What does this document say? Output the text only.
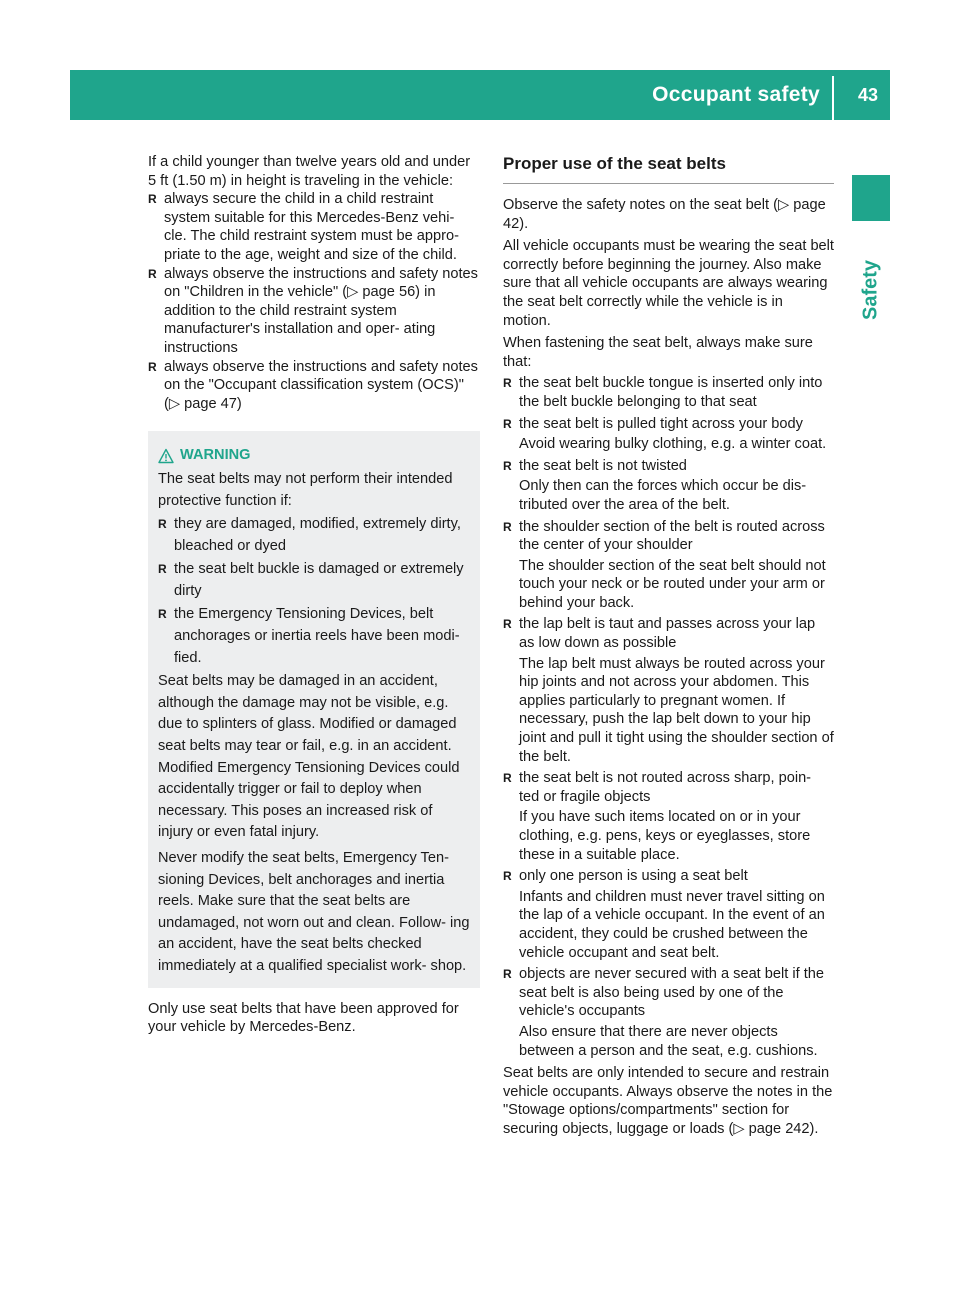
Occupant safety 43
Safety

If a child younger than twelve years old and under 5 ft (1.50 m) in height is traveling in the vehicle:

R always secure the child in a child restraint system suitable for this Mercedes-Benz vehi- cle. The child restraint system must be appro- priate to the age, weight and size of the child.
R always observe the instructions and safety notes on "Children in the vehicle" (▷ page 56) in addition to the child restraint system manufacturer's installation and oper- ating instructions
R always observe the instructions and safety notes on the "Occupant classification system (OCS)" (▷ page 47)
WARNING

The seat belts may not perform their intended protective function if:

R they are damaged, modified, extremely dirty, bleached or dyed
R the seat belt buckle is damaged or extremely dirty
R the Emergency Tensioning Devices, belt anchorages or inertia reels have been modi- fied.

Seat belts may be damaged in an accident, although the damage may not be visible, e.g. due to splinters of glass. Modified or damaged seat belts may tear or fail, e.g. in an accident. Modified Emergency Tensioning Devices could accidentally trigger or fail to deploy when necessary. This poses an increased risk of injury or even fatal injury.

Never modify the seat belts, Emergency Ten- sioning Devices, belt anchorages and inertia reels. Make sure that the seat belts are undamaged, not worn out and clean. Follow- ing an accident, have the seat belts checked immediately at a qualified specialist work- shop.

Only use seat belts that have been approved for your vehicle by Mercedes-Benz.

Proper use of the seat belts

Observe the safety notes on the seat belt (▷ page 42).

All vehicle occupants must be wearing the seat belt correctly before beginning the journey. Also make sure that all vehicle occupants are always wearing the seat belt correctly while the vehicle is in motion.

When fastening the seat belt, always make sure that:

R the seat belt buckle tongue is inserted only into the belt buckle belonging to that seat
R the seat belt is pulled tight across your body
Avoid wearing bulky clothing, e.g. a winter coat.
R the seat belt is not twisted
Only then can the forces which occur be dis- tributed over the area of the belt.
R the shoulder section of the belt is routed across the center of your shoulder
The shoulder section of the seat belt should not touch your neck or be routed under your arm or behind your back.
R the lap belt is taut and passes across your lap as low down as possible
The lap belt must always be routed across your hip joints and not across your abdomen. This applies particularly to pregnant women. If necessary, push the lap belt down to your hip joint and pull it tight using the shoulder section of the belt.
R the seat belt is not routed across sharp, poin- ted or fragile objects
If you have such items located on or in your clothing, e.g. pens, keys or eyeglasses, store these in a suitable place.
R only one person is using a seat belt
Infants and children must never travel sitting on the lap of a vehicle occupant. In the event of an accident, they could be crushed between the vehicle occupant and seat belt.
R objects are never secured with a seat belt if the seat belt is also being used by one of the vehicle's occupants
Also ensure that there are never objects between a person and the seat, e.g. cushions.

Seat belts are only intended to secure and restrain vehicle occupants. Always observe the notes in the "Stowage options/compartments" section for securing objects, luggage or loads (▷ page 242).
